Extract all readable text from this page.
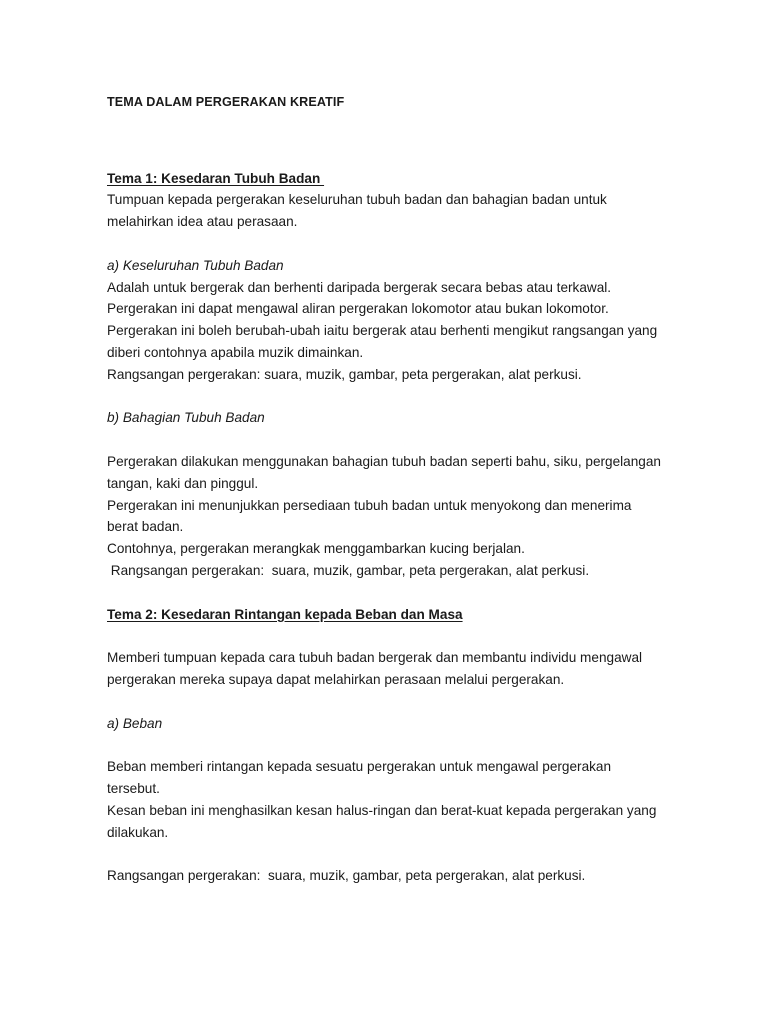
TEMA DALAM PERGERAKAN KREATIF

Tema 1: Kesedaran Tubuh Badan

Tumpuan kepada pergerakan keseluruhan tubuh badan dan bahagian badan untuk
melahirkan idea atau perasaan.

a) Keseluruhan Tubuh Badan

Adalah untuk bergerak dan berhenti daripada bergerak secara bebas atau terkawal.
Pergerakan ini dapat mengawal aliran pergerakan lokomotor atau bukan lokomotor.
Pergerakan ini boleh berubah-ubah iaitu bergerak atau berhenti mengikut rangsangan yang
diberi contohnya apabila muzik dimainkan.
Rangsangan pergerakan: suara, muzik, gambar, peta pergerakan, alat perkusi.

b) Bahagian Tubuh Badan

Pergerakan dilakukan menggunakan bahagian tubuh badan seperti bahu, siku, pergelangan
tangan, kaki dan pinggul.
Pergerakan ini menunjukkan persediaan tubuh badan untuk menyokong dan menerima
berat badan.
Contohnya, pergerakan merangkak menggambarkan kucing berjalan.
Rangsangan pergerakan:  suara, muzik, gambar, peta pergerakan, alat perkusi.

Tema 2: Kesedaran Rintangan kepada Beban dan Masa

Memberi tumpuan kepada cara tubuh badan bergerak dan membantu individu mengawal
pergerakan mereka supaya dapat melahirkan perasaan melalui pergerakan.

a) Beban

Beban memberi rintangan kepada sesuatu pergerakan untuk mengawal pergerakan tersebut.
Kesan beban ini menghasilkan kesan halus-ringan dan berat-kuat kepada pergerakan yang
dilakukan.

Rangsangan pergerakan:  suara, muzik, gambar, peta pergerakan, alat perkusi.
